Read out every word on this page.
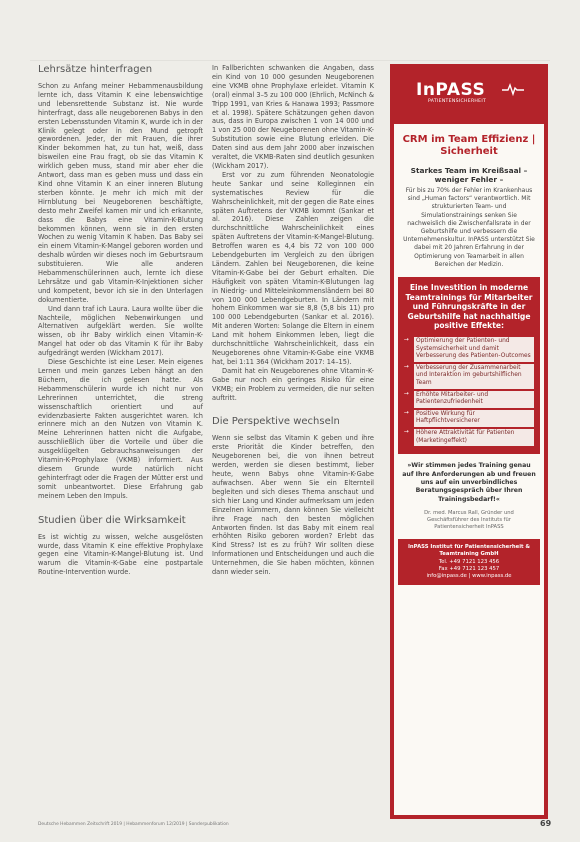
Lehrsätze hinterfragen

Schon zu Anfang meiner Hebammenausbildung lernte ich, dass Vitamin K eine lebenswichtige und lebensrettende Substanz ist. Nie wurde hinterfragt, dass alle neugeborenen Babys in den ersten Lebensstunden Vitamin K, wurde ich in der Klinik gelegt oder in den Mund getropft gewordenen. Jeder, der mit Frauen, die ihrer Kinder bekommen hat, zu tun hat, weiß, dass bisweilen eine Frau fragt, ob sie das Vitamin K wirklich geben muss, stand mir aber eher die Antwort, dass man es geben muss und dass ein Kind ohne Vitamin K an einer inneren Blutung sterben könnte. Je mehr ich mich mit der Hirnblutung bei Neugeborenen beschäftigte, desto mehr Zweifel kamen mir und ich erkannte, dass die Babys eine Vitamin-K-Blutung bekommen können, wenn sie in den ersten Wochen zu wenig Vitamin K haben. Das Baby sei ein einem Vitamin-K-Mangel geboren worden und deshalb würden wir dieses noch im Geburtsraum substituieren. Wie alle anderen Hebammenschülerinnen auch, lernte ich diese Lehrsätze und gab Vitamin-K-Injektionen sicher und kompetent, bevor ich sie in den Unterlagen dokumentierte.

Und dann traf ich Laura. Laura wollte über die Nachteile, möglichen Nebenwirkungen und Alternativen aufgeklärt werden. Sie wollte wissen, ob ihr Baby wirklich einen Vitamin-K-Mangel hat oder ob das Vitamin K für ihr Baby aufgedrängt werden (Wickham 2017).

Diese Geschichte ist eine Leser. Mein eigenes Lernen und mein ganzes Leben hängt an den Büchern, die ich gelesen hatte. Als Hebammenschülerin wurde ich nicht nur von Lehrerinnen unterrichtet, die streng wissenschaftlich orientiert und auf evidenzbasierte Fakten ausgerichtet waren. Ich erinnere mich an den Nutzen von Vitamin K. Meine Lehrerinnen hatten nicht die Aufgabe, ausschließlich über die Vorteile und über die ausgeklügelten Gebrauchsanweisungen der Vitamin-K-Prophylaxe (VKMB) informiert. Aus diesem Grunde wurde natürlich nicht gehinterfragt oder die Fragen der Mütter erst und somit unbeantwortet. Diese Erfahrung gab meinem Leben den Impuls.

Studien über die Wirksamkeit

Es ist wichtig zu wissen, welche ausgelösten wurde, dass Vitamin K eine effektive Prophylaxe gegen eine Vitamin-K-Mangel-Blutung ist. Und warum die Vitamin-K-Gabe eine postpartale Routine-Intervention wurde.

In Fallberichten schwanken die Angaben, dass ein Kind von 10 000 gesunden Neugeborenen eine VKMB ohne Prophylaxe erleidet. Vitamin K (oral) einmal 3–5 zu 100 000 (Ehrlich, McNinch & Tripp 1991, van Kries & Hanawa 1993; Passmore et al. 1998). Spätere Schätzungen gehen davon aus, dass in Europa zwischen 1 von 14 000 und 1 von 25 000 der Neugeborenen ohne Vitamin-K-Substitution sowie eine Blutung erleiden. Die Daten sind aus dem Jahr 2000 aber inzwischen veraltet, die VKMB-Raten sind deutlich gesunken (Wickham 2017).

Erst vor zu zum führenden Neonatologie heute Sankar und seine Kolleginnen ein systematisches Review für die Wahrscheinlichkeit, mit der gegen die Rate eines späten Auftretens der VKMB kommt (Sankar et al. 2016). Diese Zahlen zeigen die durchschnittliche Wahrscheinlichkeit eines späten Auftretens der Vitamin-K-Mangel-Blutung. Betroffen waren es 4,4 bis 72 von 100 000 Lebendgeburten im Vergleich zu den übrigen Ländern. Zahlen bei Neugeborenen, die keine Vitamin-K-Gabe bei der Geburt erhalten. Die Häufigkeit von späten Vitamin-K-Blutungen lag in Niedrig- und Mitteleinkommensländern bei 80 von 100 000 Lebendgeburten. In Ländern mit hohem Einkommen war sie 8,8 (5,8 bis 11) pro 100 000 Lebendgeburten (Sankar et al. 2016). Mit anderen Worten: Solange die Eltern in einem Land mit hohem Einkommen leben, liegt die durchschnittliche Wahrscheinlichkeit, dass ein Neugeborenes ohne Vitamin-K-Gabe eine VKMB hat, bei 1:11 364 (Wickham 2017: 14–15).

Damit hat ein Neugeborenes ohne Vitamin-K-Gabe nur noch ein geringes Risiko für eine VKMB; ein Problem zu vermeiden, die nur selten auftritt.

Die Perspektive wechseln

Wenn sie selbst das Vitamin K geben und ihre erste Priorität die Kinder betreffen, den Neugeborenen bei, die von ihnen betreut werden, werden sie diesen bestimmt, lieber heute, wenn Babys ohne Vitamin-K-Gabe aufwachsen. Aber wenn Sie ein Elternteil begleiten und sich dieses Thema anschaut und sich hier Lang und Kinder aufmerksam um jeden Einzelnen kümmern, dann können Sie vielleicht ihre Frage nach den besten möglichen Antworten finden. Ist das Baby mit einem real erhöhten Risiko geboren worden? Erlebt das Kind Stress? Ist es zu früh? Wir sollten diese Informationen und Entscheidungen und auch die Unternehmen, die Sie haben möchten, können dann wieder sein.

InPASS
PATIENTENSICHERHEIT
CRM im Team Effizienz | Sicherheit
Starkes Team im Kreißsaal – weniger Fehler –
Für bis zu 70% der Fehler im Krankenhaus sind „Human factors“ verantwortlich. Mit strukturierten Team- und Simulationstrainings senken Sie nachweislich die Zwischenfallsrate in der Geburtshilfe und verbessern die Unternehmenskultur. InPASS unterstützt Sie dabei mit 20 Jahren Erfahrung in der Optimierung von Teamarbeit in allen Bereichen der Medizin.
Eine Investition in moderne Teamtrainings für Mitarbeiter und Führungskräfte in der Geburtshilfe hat nachhaltige positive Effekte:
→	Optimierung der Patienten- und Systemsicherheit und damit Verbesserung des Patienten-Outcomes
→	Verbesserung der Zusammenarbeit und Interaktion im geburtshilflichen Team
→	Erhöhte Mitarbeiter- und Patientenzufriedenheit
→	Positive Wirkung für Haftpflichtversicherer
→	Höhere Attraktivität für Patienten (Marketingeffekt)
»Wir stimmen jedes Training genau auf Ihre Anforderungen ab und freuen uns auf ein unverbindliches Beratungsgespräch über Ihren Trainingsbedarf!«
Dr. med. Marcus Rall, Gründer und Geschäftsführer des Instituts für Patientensicherheit InPASS
InPASS Institut für Patientensicherheit & Teamtraining GmbH
Tel. +49 7121 123 456
Fax +49 7121 123 457
info@inpass.de | www.inpass.de
Deutsche Hebammen Zeitschrift 2019 | Hebammenforum 12/2019 | Sonderpublikation	69
